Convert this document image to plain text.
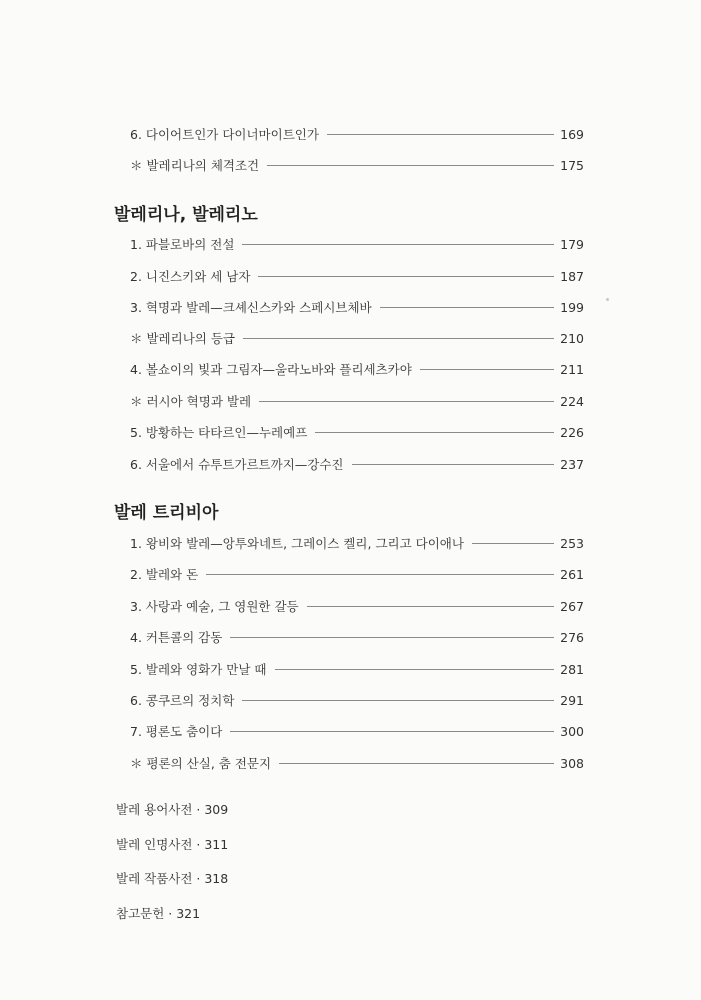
6. 다이어트인가 다이너마이트인가	169
＊ 발레리나의 체격조건	175
발레리나, 발레리노
1. 파블로바의 전설	179
2. 니진스키와 세 남자	187
3. 혁명과 발레—크셰신스카와 스페시브체바	199
＊ 발레리나의 등급	210
4. 볼쇼이의 빛과 그림자—울라노바와 플리세츠카야	211
＊ 러시아 혁명과 발레	224
5. 방황하는 타타르인—누레예프	226
6. 서울에서 슈투트가르트까지—강수진	237
발레 트리비아
1. 왕비와 발레—앙투와네트, 그레이스 켈리, 그리고 다이애나	253
2. 발레와 돈	261
3. 사랑과 예술, 그 영원한 갈등	267
4. 커튼콜의 감동	276
5. 발레와 영화가 만날 때	281
6. 콩쿠르의 정치학	291
7. 평론도 춤이다	300
＊ 평론의 산실, 춤 전문지	308
발레 용어사전 · 309
발레 인명사전 · 311
발레 작품사전 · 318
참고문헌 · 321
